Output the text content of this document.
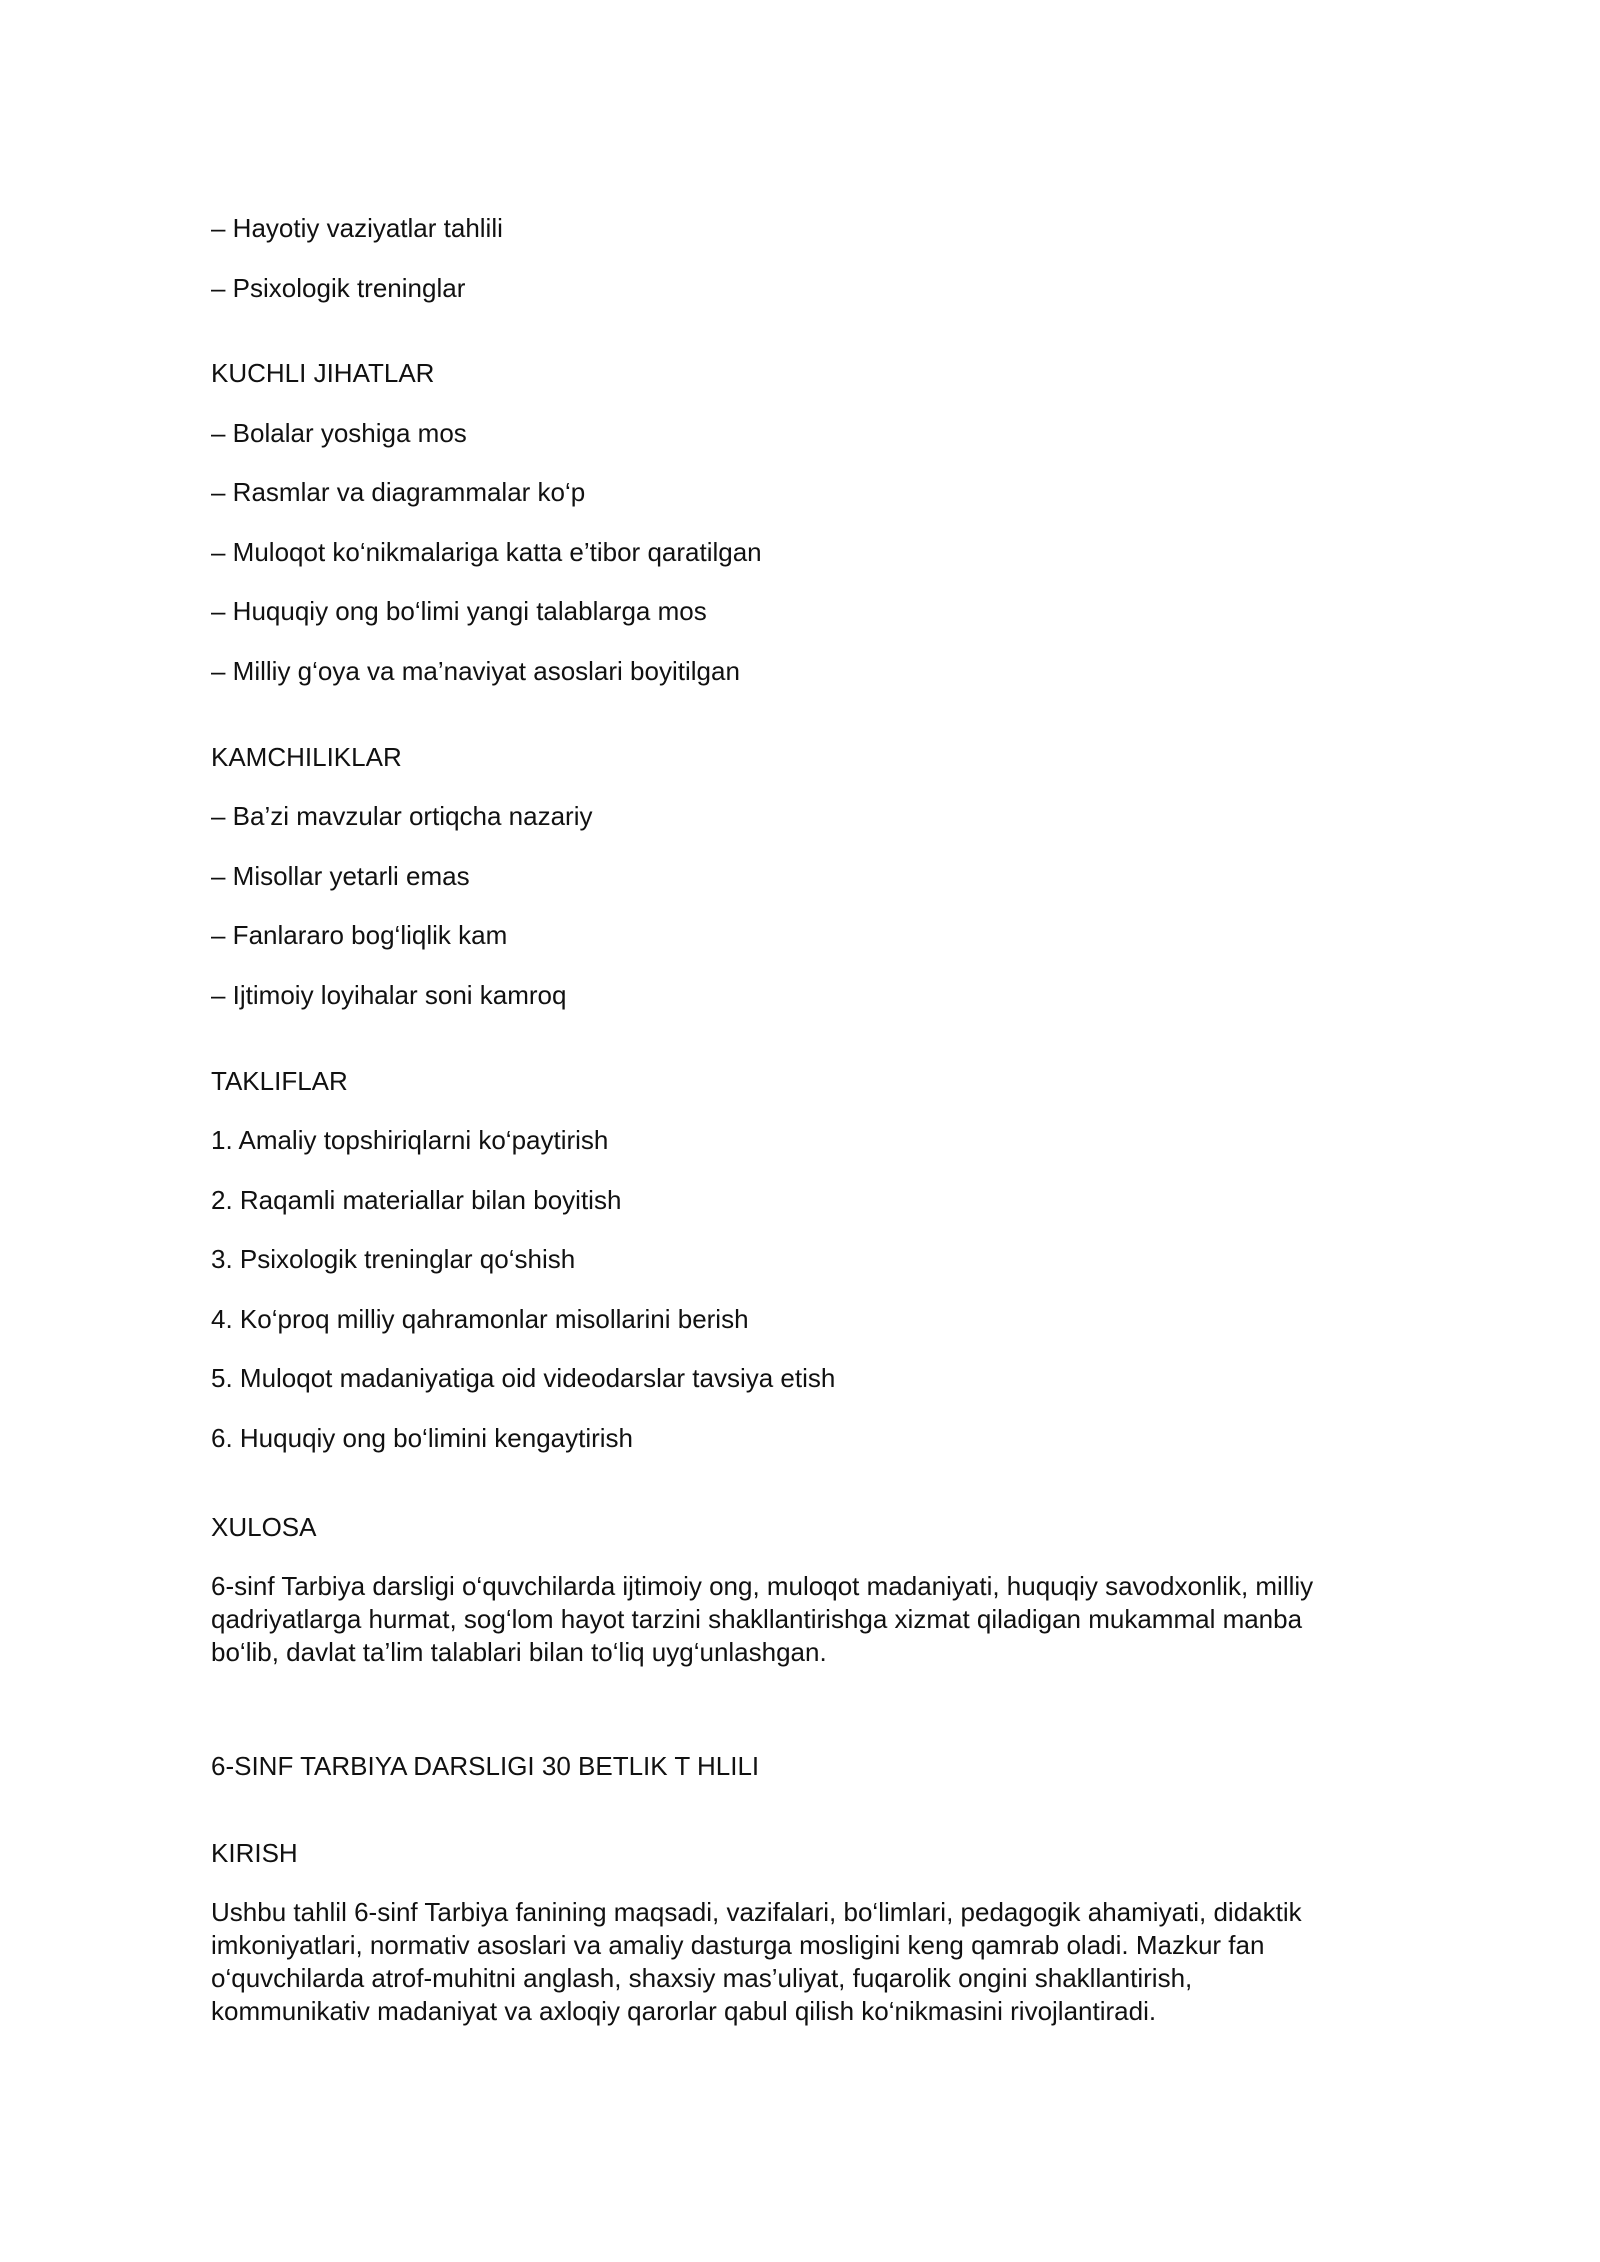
– Hayotiy vaziyatlar tahlili
– Psixologik treninglar
KUCHLI JIHATLAR
– Bolalar yoshiga mos
– Rasmlar va diagrammalar ko‘p
– Muloqot ko‘nikmalariga katta e’tibor qaratilgan
– Huquqiy ong bo‘limi yangi talablarga mos
– Milliy g‘oya va ma’naviyat asoslari boyitilgan
KAMCHILIKLAR
– Ba’zi mavzular ortiqcha nazariy
– Misollar yetarli emas
– Fanlararo bog‘liqlik kam
– Ijtimoiy loyihalar soni kamroq
TAKLIFLAR
1. Amaliy topshiriqlarni ko‘paytirish
2. Raqamli materiallar bilan boyitish
3. Psixologik treninglar qo‘shish
4. Ko‘proq milliy qahramonlar misollarini berish
5. Muloqot madaniyatiga oid videodarslar tavsiya etish
6. Huquqiy ong bo‘limini kengaytirish
XULOSA
6-sinf Tarbiya darsligi o‘quvchilarda ijtimoiy ong, muloqot madaniyati, huquqiy savodxonlik, milliy
qadriyatlarga hurmat, sog‘lom hayot tarzini shakllantirishga xizmat qiladigan mukammal manba
bo‘lib, davlat ta’lim talablari bilan to‘liq uyg‘unlashgan.
6-SINF TARBIYA DARSLIGI 30 BETLIK T HLILI
KIRISH
Ushbu tahlil 6-sinf Tarbiya fanining maqsadi, vazifalari, bo‘limlari, pedagogik ahamiyati, didaktik
imkoniyatlari, normativ asoslari va amaliy dasturga mosligini keng qamrab oladi. Mazkur fan
o‘quvchilarda atrof-muhitni anglash, shaxsiy mas’uliyat, fuqarolik ongini shakllantirish,
kommunikativ madaniyat va axloqiy qarorlar qabul qilish ko‘nikmasini rivojlantiradi.
